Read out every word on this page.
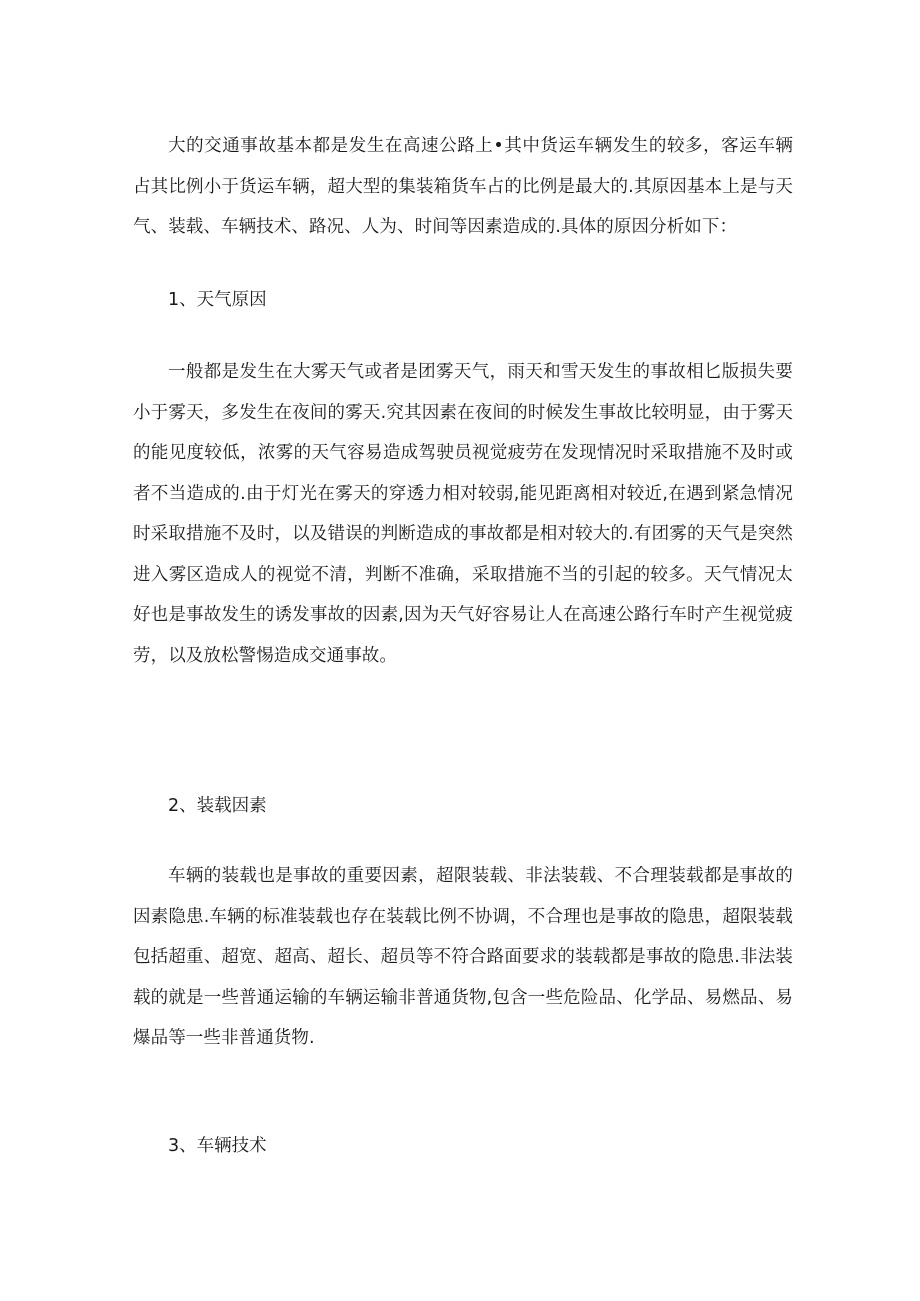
大的交通事故基本都是发生在高速公路上•其中货运车辆发生的较多，客运车辆占其比例小于货运车辆，超大型的集装箱货车占的比例是最大的.其原因基本上是与天气、装载、车辆技术、路况、人为、时间等因素造成的.具体的原因分析如下：

1、天气原因

一般都是发生在大雾天气或者是团雾天气，雨天和雪天发生的事故相匕版损失要小于雾天，多发生在夜间的雾天.究其因素在夜间的时候发生事故比较明显，由于雾天的能见度较低，浓雾的天气容易造成驾驶员视觉疲劳在发现情况时采取措施不及时或者不当造成的.由于灯光在雾天的穿透力相对较弱,能见距离相对较近,在遇到紧急情况时采取措施不及时，以及错误的判断造成的事故都是相对较大的.有团雾的天气是突然进入雾区造成人的视觉不清，判断不准确，采取措施不当的引起的较多。天气情况太好也是事故发生的诱发事故的因素,因为天气好容易让人在高速公路行车时产生视觉疲劳，以及放松警惕造成交通事故。

2、装载因素

车辆的装载也是事故的重要因素，超限装载、非法装载、不合理装载都是事故的因素隐患.车辆的标准装载也存在装载比例不协调，不合理也是事故的隐患，超限装载包括超重、超宽、超高、超长、超员等不符合路面要求的装载都是事故的隐患.非法装载的就是一些普通运输的车辆运输非普通货物,包含一些危险品、化学品、易燃品、易爆品等一些非普通货物.

3、车辆技术
